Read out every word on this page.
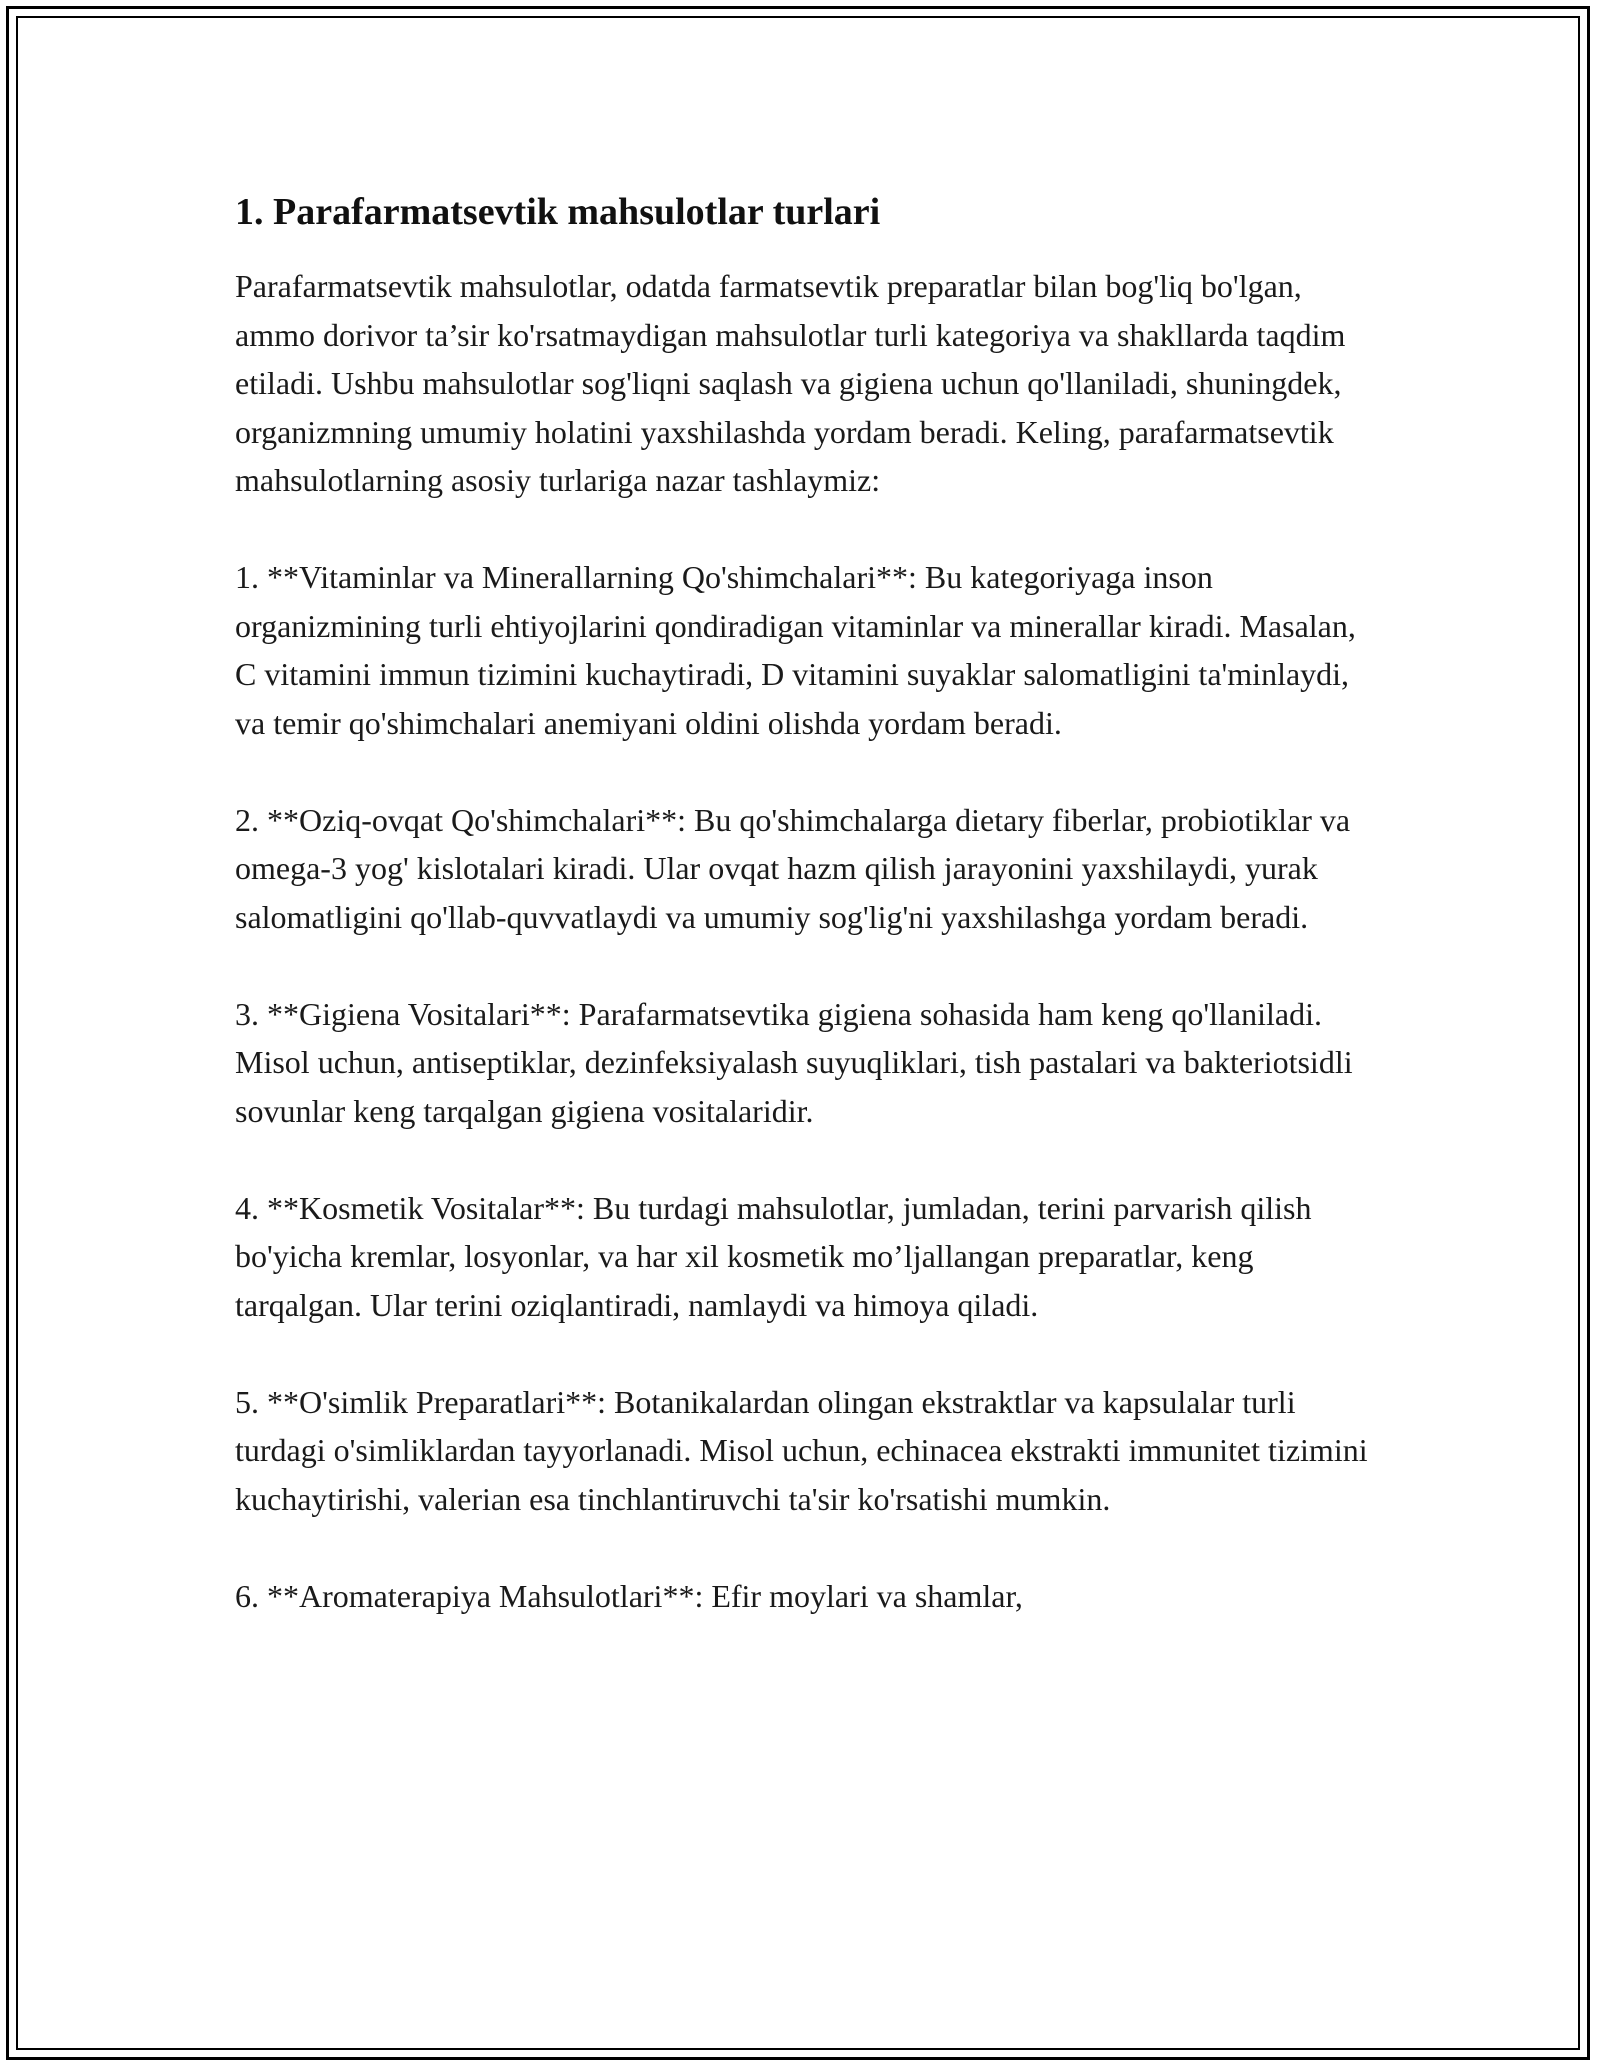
1. Parafarmatsevtik mahsulotlar turlari

Parafarmatsevtik mahsulotlar, odatda farmatsevtik preparatlar bilan bog'liq bo'lgan, ammo dorivor ta’sir ko'rsatmaydigan mahsulotlar turli kategoriya va shakllarda taqdim etiladi. Ushbu mahsulotlar sog'liqni saqlash va gigiena uchun qo'llaniladi, shuningdek, organizmning umumiy holatini yaxshilashda yordam beradi. Keling, parafarmatsevtik mahsulotlarning asosiy turlariga nazar tashlaymiz:

1. **Vitaminlar va Minerallarning Qo'shimchalari**: Bu kategoriyaga inson organizmining turli ehtiyojlarini qondiradigan vitaminlar va minerallar kiradi. Masalan, C vitamini immun tizimini kuchaytiradi, D vitamini suyaklar salomatligini ta'minlaydi, va temir qo'shimchalari anemiyani oldini olishda yordam beradi.

2. **Oziq-ovqat Qo'shimchalari**: Bu qo'shimchalarga dietary fiberlar, probiotiklar va omega-3 yog' kislotalari kiradi. Ular ovqat hazm qilish jarayonini yaxshilaydi, yurak salomatligini qo'llab-quvvatlaydi va umumiy sog'lig'ni yaxshilashga yordam beradi.

3. **Gigiena Vositalari**: Parafarmatsevtika gigiena sohasida ham keng qo'llaniladi. Misol uchun, antiseptiklar, dezinfeksiyalash suyuqliklari, tish pastalari va bakteriotsidli sovunlar keng tarqalgan gigiena vositalaridir.

4. **Kosmetik Vositalar**: Bu turdagi mahsulotlar, jumladan, terini parvarish qilish bo'yicha kremlar, losyonlar, va har xil kosmetik mo’ljallangan preparatlar, keng tarqalgan. Ular terini oziqlantiradi, namlaydi va himoya qiladi.

5. **O'simlik Preparatlari**: Botanikalardan olingan ekstraktlar va kapsulalar turli turdagi o'simliklardan tayyorlanadi. Misol uchun, echinacea ekstrakti immunitet tizimini kuchaytirishi, valerian esa tinchlantiruvchi ta'sir ko'rsatishi mumkin.

6. **Aromaterapiya Mahsulotlari**: Efir moylari va shamlar,
